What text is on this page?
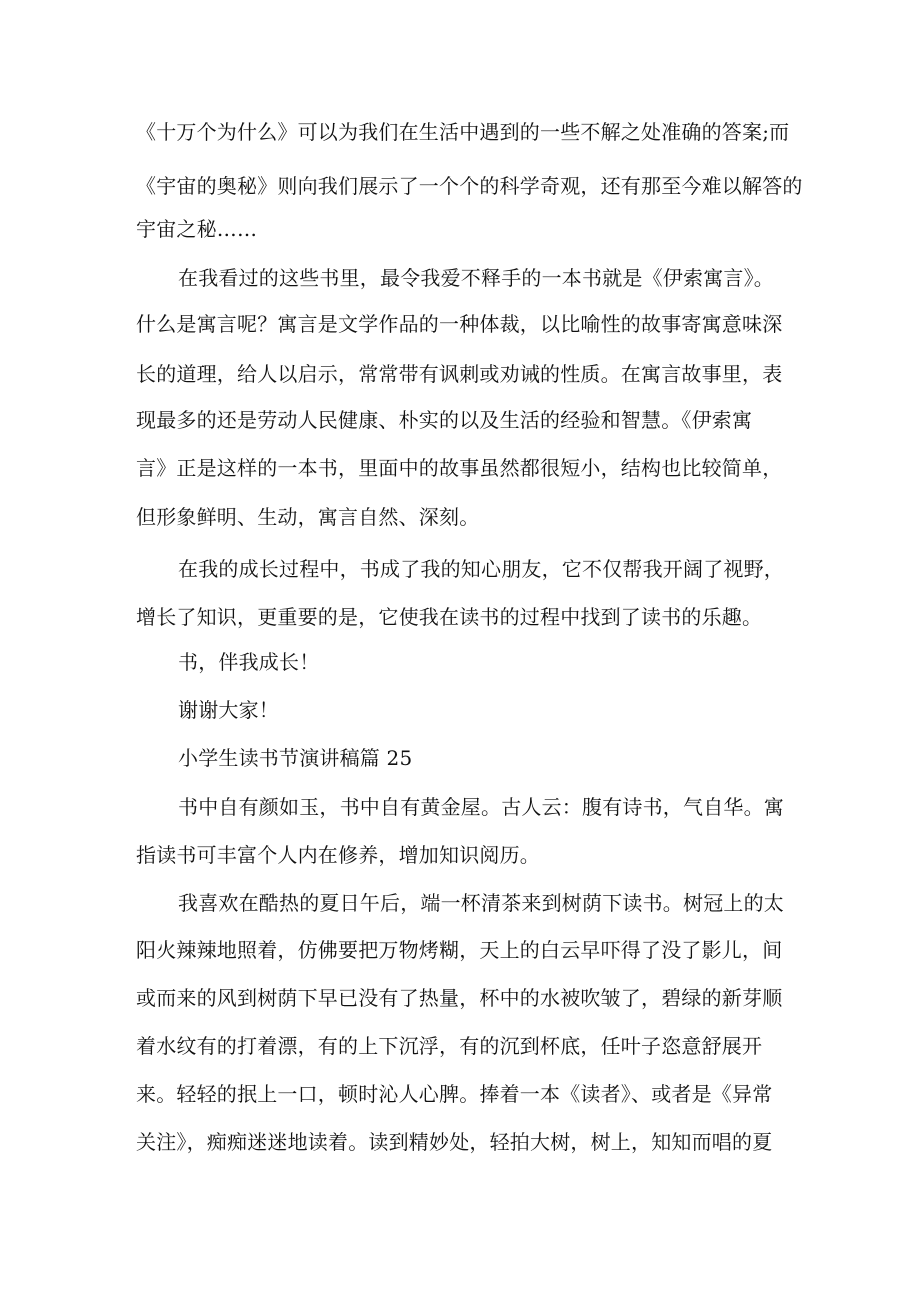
《十万个为什么》可以为我们在生活中遇到的一些不解之处准确的答案;而
《宇宙的奥秘》则向我们展示了一个个的科学奇观，还有那至今难以解答的
宇宙之秘……
在我看过的这些书里，最令我爱不释手的一本书就是《伊索寓言》。
什么是寓言呢？寓言是文学作品的一种体裁，以比喻性的故事寄寓意味深
长的道理，给人以启示，常常带有讽刺或劝诫的性质。在寓言故事里，表
现最多的还是劳动人民健康、朴实的以及生活的经验和智慧。《伊索寓
言》正是这样的一本书，里面中的故事虽然都很短小，结构也比较简单，
但形象鲜明、生动，寓言自然、深刻。
在我的成长过程中，书成了我的知心朋友，它不仅帮我开阔了视野，
增长了知识，更重要的是，它使我在读书的过程中找到了读书的乐趣。
书，伴我成长！
谢谢大家！
小学生读书节演讲稿篇 25
书中自有颜如玉，书中自有黄金屋。古人云：腹有诗书，气自华。寓
指读书可丰富个人内在修养，增加知识阅历。
我喜欢在酷热的夏日午后，端一杯清茶来到树荫下读书。树冠上的太
阳火辣辣地照着，仿佛要把万物烤糊，天上的白云早吓得了没了影儿，间
或而来的风到树荫下早已没有了热量，杯中的水被吹皱了，碧绿的新芽顺
着水纹有的打着漂，有的上下沉浮，有的沉到杯底，任叶子恣意舒展开
来。轻轻的抿上一口，顿时沁人心脾。捧着一本《读者》、或者是《异常
关注》，痴痴迷迷地读着。读到精妙处，轻拍大树，树上，知知而唱的夏
